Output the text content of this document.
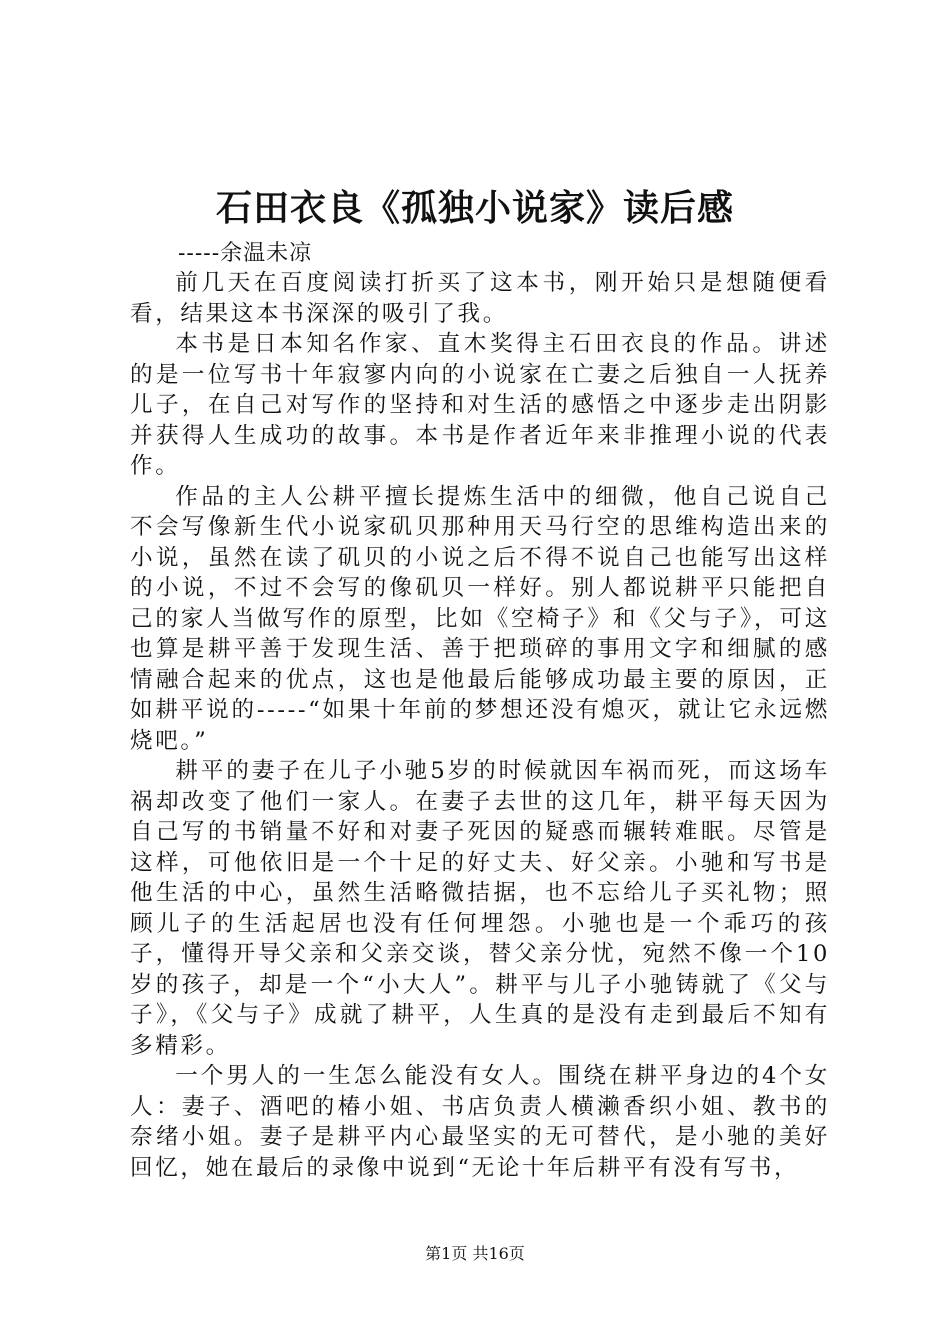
石田衣良《孤独小说家》读后感

-----余温未凉

前几天在百度阅读打折买了这本书，刚开始只是想随便看看，结果这本书深深的吸引了我。

本书是日本知名作家、直木奖得主石田衣良的作品。讲述的是一位写书十年寂寥内向的小说家在亡妻之后独自一人抚养儿子，在自己对写作的坚持和对生活的感悟之中逐步走出阴影并获得人生成功的故事。本书是作者近年来非推理小说的代表作。

作品的主人公耕平擅长提炼生活中的细微，他自己说自己不会写像新生代小说家矶贝那种用天马行空的思维构造出来的小说，虽然在读了矶贝的小说之后不得不说自己也能写出这样的小说，不过不会写的像矶贝一样好。别人都说耕平只能把自己的家人当做写作的原型，比如《空椅子》和《父与子》，可这也算是耕平善于发现生活、善于把琐碎的事用文字和细腻的感情融合起来的优点，这也是他最后能够成功最主要的原因，正如耕平说的-----“如果十年前的梦想还没有熄灭，就让它永远燃烧吧。”

耕平的妻子在儿子小驰5岁的时候就因车祸而死，而这场车祸却改变了他们一家人。在妻子去世的这几年，耕平每天因为自己写的书销量不好和对妻子死因的疑惑而辗转难眠。尽管是这样，可他依旧是一个十足的好丈夫、好父亲。小驰和写书是他生活的中心，虽然生活略微拮据，也不忘给儿子买礼物；照顾儿子的生活起居也没有任何埋怨。小驰也是一个乖巧的孩子，懂得开导父亲和父亲交谈，替父亲分忧，宛然不像一个10岁的孩子，却是一个“小大人”。耕平与儿子小驰铸就了《父与子》，《父与子》成就了耕平，人生真的是没有走到最后不知有多精彩。

一个男人的一生怎么能没有女人。围绕在耕平身边的4个女人：妻子、酒吧的椿小姐、书店负责人横濑香织小姐、教书的奈绪小姐。妻子是耕平内心最坚实的无可替代，是小驰的美好回忆，她在最后的录像中说到“无论十年后耕平有没有写书，

第1页 共16页
